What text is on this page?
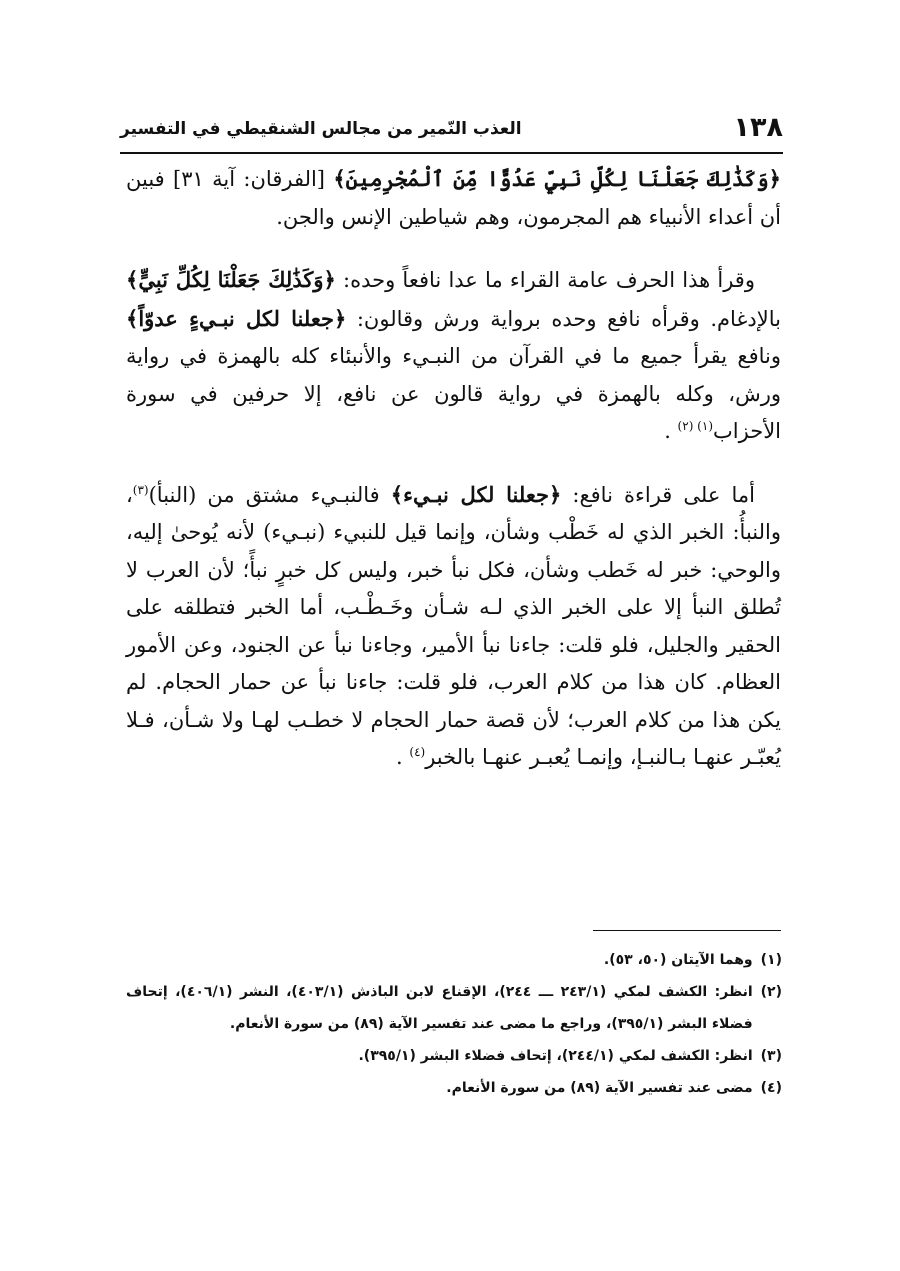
١٣٨
العذب النّمير من مجالس الشنقيطي في التفسير

﴿وَكَذَٰلِكَ جَعَلْنَا لِكُلِّ نَبِيٍّ عَدُوًّا مِّنَ ٱلْمُجْرِمِينَ﴾ [الفرقان: آية ٣١] فبين أن أعداء الأنبياء هم المجرمون، وهم شياطين الإنس والجن.

وقرأ هذا الحرف عامة القراء ما عدا نافعاً وحده: ﴿وَكَذَٰلِكَ جَعَلْنَا لِكُلِّ نَبِيٍّ﴾ بالإدغام. وقرأه نافع وحده برواية ورش وقالون: ﴿جعلنا لكل نبـيءٍ عدوّاً﴾ ونافع يقرأ جميع ما في القرآن من النبـيء والأنبئاء كله بالهمزة في رواية ورش، وكله بالهمزة في رواية قالون عن نافع، إلا حرفين في سورة الأحزاب$^{(١) (٢)}$ .

أما على قراءة نافع: ﴿جعلنا لكل نبـيء﴾ فالنبـيء مشتق من (النبأ)$^{(٣)}$، والنبأُ: الخبر الذي له خَطْب وشأن، وإنما قيل للنبيء (نبـيء) لأنه يُوحىٰ إليه، والوحي: خبر له خَطب وشأن، فكل نبأ خبر، وليس كل خبرٍ نبأً؛ لأن العرب لا تُطلق النبأ إلا على الخبر الذي لـه شـأن وخَـطْـب، أما الخبر فتطلقه على الحقير والجليل، فلو قلت: جاءنا نبأ الأمير، وجاءنا نبأ عن الجنود، وعن الأمور العظام. كان هذا من كلام العرب، فلو قلت: جاءنا نبأ عن حمار الحجام. لم يكن هذا من كلام العرب؛ لأن قصة حمار الحجام لا خطـب لهـا ولا شـأن، فـلا يُعبّـر عنهـا بـالنبـإ، وإنمـا يُعبـر عنهـا بالخبر$^{(٤)}$ .

(١)
وهما الآيتان (٥٠، ٥٣).
(٢)
انظر: الكشف لمكي (٢٤٣/١ ـــ ٢٤٤)، الإقناع لابن الباذش (٤٠٣/١)، النشر (٤٠٦/١)، إتحاف فضلاء البشر (٣٩٥/١)، وراجع ما مضى عند تفسير الآية (٨٩) من سورة الأنعام.
(٣)
انظر: الكشف لمكي (٢٤٤/١)، إتحاف فضلاء البشر (٣٩٥/١).
(٤)
مضى عند تفسير الآية (٨٩) من سورة الأنعام.
